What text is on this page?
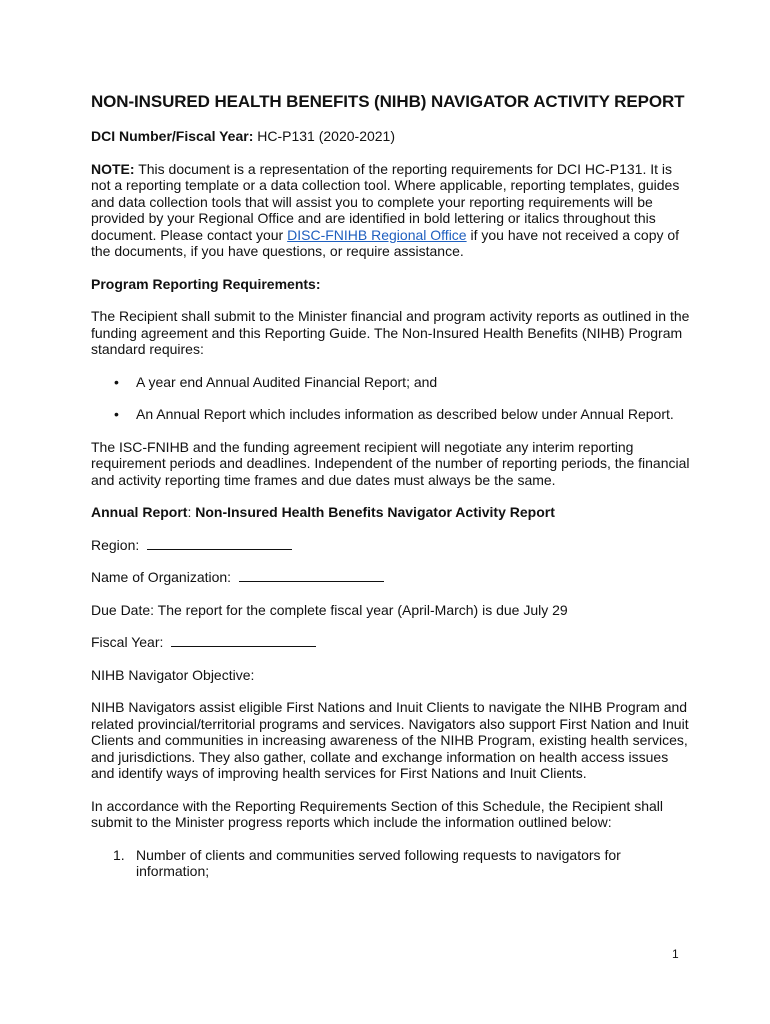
NON-INSURED HEALTH BENEFITS (NIHB) NAVIGATOR ACTIVITY REPORT

DCI Number/Fiscal Year: HC-P131 (2020-2021)

NOTE: This document is a representation of the reporting requirements for DCI HC-P131. It is not a reporting template or a data collection tool. Where applicable, reporting templates, guides and data collection tools that will assist you to complete your reporting requirements will be provided by your Regional Office and are identified in bold lettering or italics throughout this document. Please contact your DISC-FNIHB Regional Office if you have not received a copy of the documents, if you have questions, or require assistance.

Program Reporting Requirements:

The Recipient shall submit to the Minister financial and program activity reports as outlined in the funding agreement and this Reporting Guide. The Non-Insured Health Benefits (NIHB) Program standard requires:

• A year end Annual Audited Financial Report; and
• An Annual Report which includes information as described below under Annual Report.

The ISC-FNIHB and the funding agreement recipient will negotiate any interim reporting requirement periods and deadlines. Independent of the number of reporting periods, the financial and activity reporting time frames and due dates must always be the same.

Annual Report: Non-Insured Health Benefits Navigator Activity Report

Region:

Name of Organization:

Due Date: The report for the complete fiscal year (April-March) is due July 29

Fiscal Year:

NIHB Navigator Objective:

NIHB Navigators assist eligible First Nations and Inuit Clients to navigate the NIHB Program and related provincial/territorial programs and services. Navigators also support First Nation and Inuit Clients and communities in increasing awareness of the NIHB Program, existing health services, and jurisdictions. They also gather, collate and exchange information on health access issues and identify ways of improving health services for First Nations and Inuit Clients.

In accordance with the Reporting Requirements Section of this Schedule, the Recipient shall submit to the Minister progress reports which include the information outlined below:

1. Number of clients and communities served following requests to navigators for information;
1
